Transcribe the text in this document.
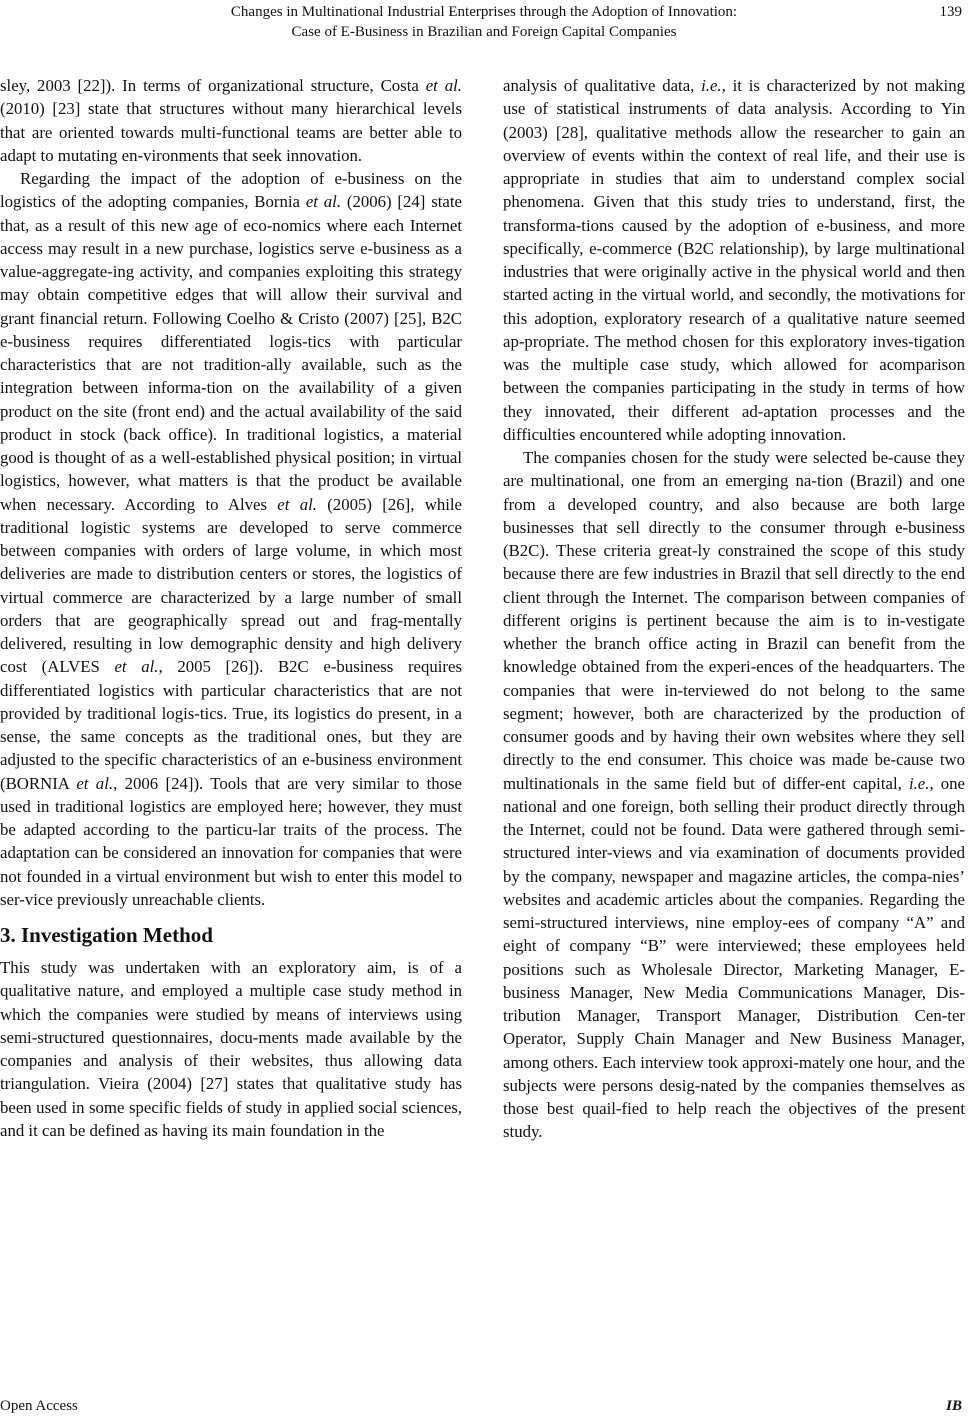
Changes in Multinational Industrial Enterprises through the Adoption of Innovation:
Case of E-Business in Brazilian and Foreign Capital Companies
139

sley, 2003 [22]). In terms of organizational structure, Costa et al. (2010) [23] state that structures without many hierarchical levels that are oriented towards multi-functional teams are better able to adapt to mutating en-vironments that seek innovation.

Regarding the impact of the adoption of e-business on the logistics of the adopting companies, Bornia et al. (2006) [24] state that, as a result of this new age of eco-nomics where each Internet access may result in a new purchase, logistics serve e-business as a value-aggregate-ing activity, and companies exploiting this strategy may obtain competitive edges that will allow their survival and grant financial return. Following Coelho & Cristo (2007) [25], B2C e-business requires differentiated logis-tics with particular characteristics that are not tradition-ally available, such as the integration between informa-tion on the availability of a given product on the site (front end) and the actual availability of the said product in stock (back office). In traditional logistics, a material good is thought of as a well-established physical position; in virtual logistics, however, what matters is that the product be available when necessary. According to Alves et al. (2005) [26], while traditional logistic systems are developed to serve commerce between companies with orders of large volume, in which most deliveries are made to distribution centers or stores, the logistics of virtual commerce are characterized by a large number of small orders that are geographically spread out and frag-mentally delivered, resulting in low demographic density and high delivery cost (ALVES et al., 2005 [26]). B2C e-business requires differentiated logistics with particular characteristics that are not provided by traditional logis-tics. True, its logistics do present, in a sense, the same concepts as the traditional ones, but they are adjusted to the specific characteristics of an e-business environment (BORNIA et al., 2006 [24]). Tools that are very similar to those used in traditional logistics are employed here; however, they must be adapted according to the particu-lar traits of the process. The adaptation can be considered an innovation for companies that were not founded in a virtual environment but wish to enter this model to ser-vice previously unreachable clients.

3. Investigation Method

This study was undertaken with an exploratory aim, is of a qualitative nature, and employed a multiple case study method in which the companies were studied by means of interviews using semi-structured questionnaires, docu-ments made available by the companies and analysis of their websites, thus allowing data triangulation. Vieira (2004) [27] states that qualitative study has been used in some specific fields of study in applied social sciences, and it can be defined as having its main foundation in the

analysis of qualitative data, i.e., it is characterized by not making use of statistical instruments of data analysis. According to Yin (2003) [28], qualitative methods allow the researcher to gain an overview of events within the context of real life, and their use is appropriate in studies that aim to understand complex social phenomena. Given that this study tries to understand, first, the transforma-tions caused by the adoption of e-business, and more specifically, e-commerce (B2C relationship), by large multinational industries that were originally active in the physical world and then started acting in the virtual world, and secondly, the motivations for this adoption, exploratory research of a qualitative nature seemed ap-propriate. The method chosen for this exploratory inves-tigation was the multiple case study, which allowed for acomparison between the companies participating in the study in terms of how they innovated, their different ad-aptation processes and the difficulties encountered while adopting innovation.

The companies chosen for the study were selected be-cause they are multinational, one from an emerging na-tion (Brazil) and one from a developed country, and also because are both large businesses that sell directly to the consumer through e-business (B2C). These criteria great-ly constrained the scope of this study because there are few industries in Brazil that sell directly to the end client through the Internet. The comparison between companies of different origins is pertinent because the aim is to in-vestigate whether the branch office acting in Brazil can benefit from the knowledge obtained from the experi-ences of the headquarters. The companies that were in-terviewed do not belong to the same segment; however, both are characterized by the production of consumer goods and by having their own websites where they sell directly to the end consumer. This choice was made be-cause two multinationals in the same field but of differ-ent capital, i.e., one national and one foreign, both selling their product directly through the Internet, could not be found. Data were gathered through semi-structured inter-views and via examination of documents provided by the company, newspaper and magazine articles, the compa-nies’ websites and academic articles about the companies. Regarding the semi-structured interviews, nine employ-ees of company “A” and eight of company “B” were interviewed; these employees held positions such as Wholesale Director, Marketing Manager, E-business Manager, New Media Communications Manager, Dis-tribution Manager, Transport Manager, Distribution Cen-ter Operator, Supply Chain Manager and New Business Manager, among others. Each interview took approxi-mately one hour, and the subjects were persons desig-nated by the companies themselves as those best quail-fied to help reach the objectives of the present study.

Open Access	IB
